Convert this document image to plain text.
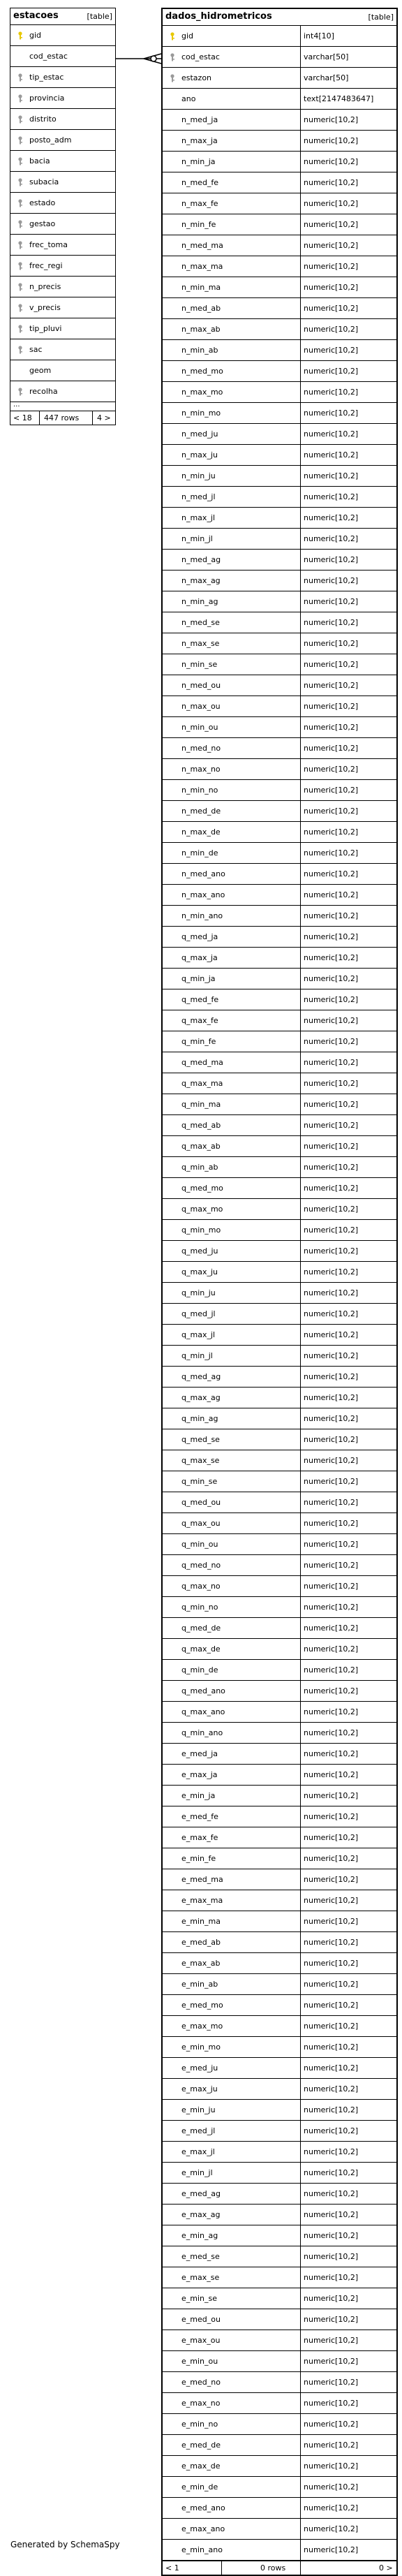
estacoes	[table]
gid
cod_estac
tip_estac
provincia
distrito
posto_adm
bacia
subacia
estado
gestao
frec_toma
frec_regi
n_precis
v_precis
tip_pluvi
sac
geom
recolha
...
< 18 447 rows 4 >
dados_hidrometricos	[table]
gid	int4[10]
cod_estac	varchar[50]
estazon	varchar[50]
ano	text[2147483647]
n_med_ja	numeric[10,2]
n_max_ja	numeric[10,2]
n_min_ja	numeric[10,2]
n_med_fe	numeric[10,2]
n_max_fe	numeric[10,2]
n_min_fe	numeric[10,2]
n_med_ma	numeric[10,2]
n_max_ma	numeric[10,2]
n_min_ma	numeric[10,2]
n_med_ab	numeric[10,2]
n_max_ab	numeric[10,2]
n_min_ab	numeric[10,2]
n_med_mo	numeric[10,2]
n_max_mo	numeric[10,2]
n_min_mo	numeric[10,2]
n_med_ju	numeric[10,2]
n_max_ju	numeric[10,2]
n_min_ju	numeric[10,2]
n_med_jl	numeric[10,2]
n_max_jl	numeric[10,2]
n_min_jl	numeric[10,2]
n_med_ag	numeric[10,2]
n_max_ag	numeric[10,2]
n_min_ag	numeric[10,2]
n_med_se	numeric[10,2]
n_max_se	numeric[10,2]
n_min_se	numeric[10,2]
n_med_ou	numeric[10,2]
n_max_ou	numeric[10,2]
n_min_ou	numeric[10,2]
n_med_no	numeric[10,2]
n_max_no	numeric[10,2]
n_min_no	numeric[10,2]
n_med_de	numeric[10,2]
n_max_de	numeric[10,2]
n_min_de	numeric[10,2]
n_med_ano	numeric[10,2]
n_max_ano	numeric[10,2]
n_min_ano	numeric[10,2]
q_med_ja	numeric[10,2]
q_max_ja	numeric[10,2]
q_min_ja	numeric[10,2]
q_med_fe	numeric[10,2]
q_max_fe	numeric[10,2]
q_min_fe	numeric[10,2]
q_med_ma	numeric[10,2]
q_max_ma	numeric[10,2]
q_min_ma	numeric[10,2]
q_med_ab	numeric[10,2]
q_max_ab	numeric[10,2]
q_min_ab	numeric[10,2]
q_med_mo	numeric[10,2]
q_max_mo	numeric[10,2]
q_min_mo	numeric[10,2]
q_med_ju	numeric[10,2]
q_max_ju	numeric[10,2]
q_min_ju	numeric[10,2]
q_med_jl	numeric[10,2]
q_max_jl	numeric[10,2]
q_min_jl	numeric[10,2]
q_med_ag	numeric[10,2]
q_max_ag	numeric[10,2]
q_min_ag	numeric[10,2]
q_med_se	numeric[10,2]
q_max_se	numeric[10,2]
q_min_se	numeric[10,2]
q_med_ou	numeric[10,2]
q_max_ou	numeric[10,2]
q_min_ou	numeric[10,2]
q_med_no	numeric[10,2]
q_max_no	numeric[10,2]
q_min_no	numeric[10,2]
q_med_de	numeric[10,2]
q_max_de	numeric[10,2]
q_min_de	numeric[10,2]
q_med_ano	numeric[10,2]
q_max_ano	numeric[10,2]
q_min_ano	numeric[10,2]
e_med_ja	numeric[10,2]
e_max_ja	numeric[10,2]
e_min_ja	numeric[10,2]
e_med_fe	numeric[10,2]
e_max_fe	numeric[10,2]
e_min_fe	numeric[10,2]
e_med_ma	numeric[10,2]
e_max_ma	numeric[10,2]
e_min_ma	numeric[10,2]
e_med_ab	numeric[10,2]
e_max_ab	numeric[10,2]
e_min_ab	numeric[10,2]
e_med_mo	numeric[10,2]
e_max_mo	numeric[10,2]
e_min_mo	numeric[10,2]
e_med_ju	numeric[10,2]
e_max_ju	numeric[10,2]
e_min_ju	numeric[10,2]
e_med_jl	numeric[10,2]
e_max_jl	numeric[10,2]
e_min_jl	numeric[10,2]
e_med_ag	numeric[10,2]
e_max_ag	numeric[10,2]
e_min_ag	numeric[10,2]
e_med_se	numeric[10,2]
e_max_se	numeric[10,2]
e_min_se	numeric[10,2]
e_med_ou	numeric[10,2]
e_max_ou	numeric[10,2]
e_min_ou	numeric[10,2]
e_med_no	numeric[10,2]
e_max_no	numeric[10,2]
e_min_no	numeric[10,2]
e_med_de	numeric[10,2]
e_max_de	numeric[10,2]
e_min_de	numeric[10,2]
e_med_ano	numeric[10,2]
e_max_ano	numeric[10,2]
e_min_ano	numeric[10,2]
< 1	0 rows	0 >
Generated by SchemaSpy
